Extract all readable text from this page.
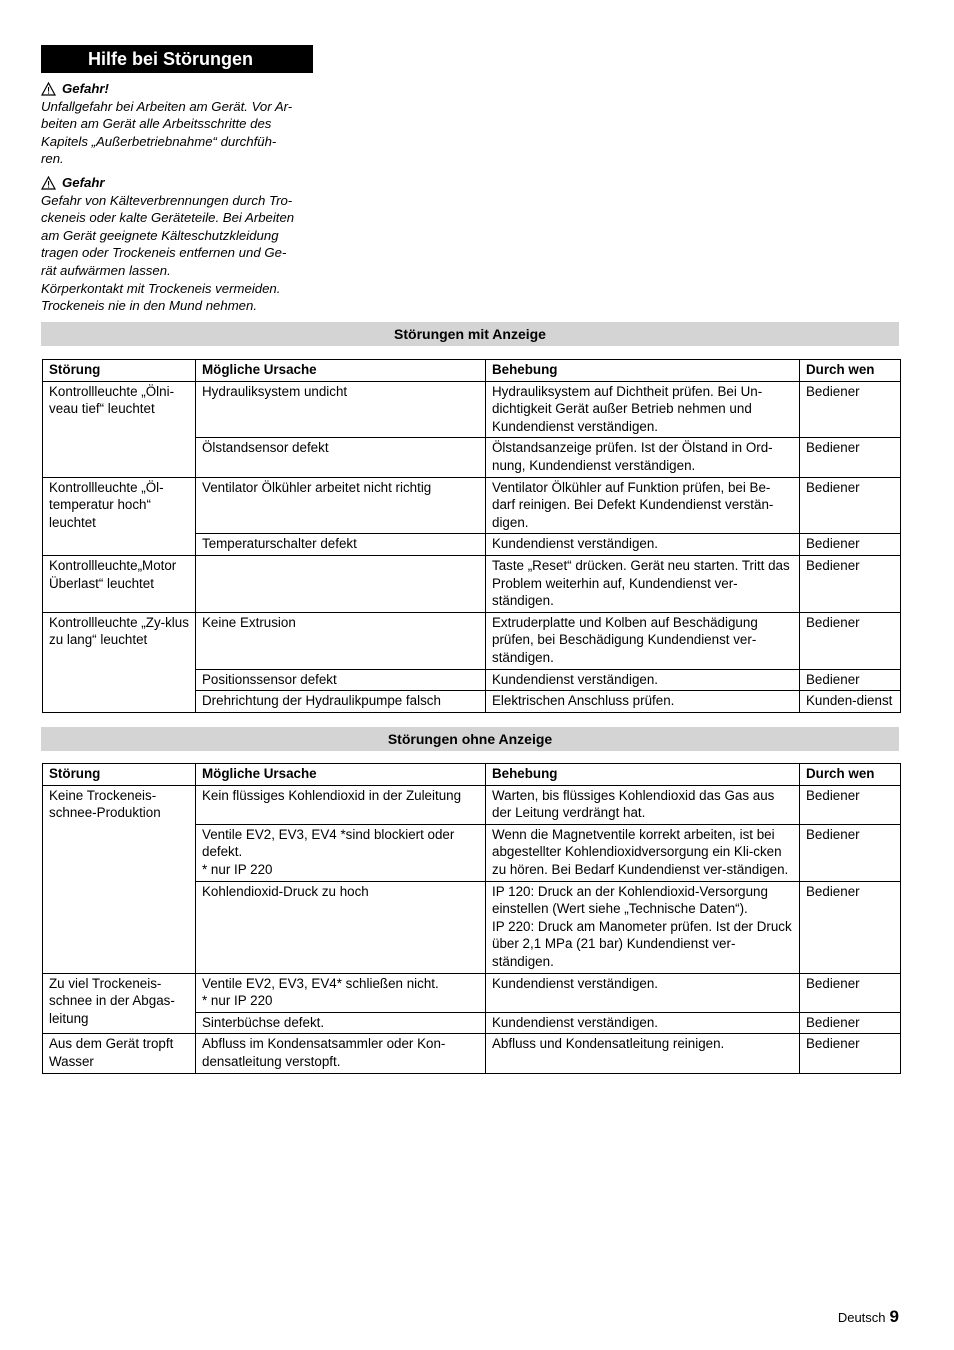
Hilfe bei Störungen
Gefahr!

Unfallgefahr bei Arbeiten am Gerät. Vor Ar-

beiten am Gerät alle Arbeitsschritte des

Kapitels „Außerbetriebnahme“ durchfüh-

ren.

Gefahr

Gefahr von Kälteverbrennungen durch Tro-

ckeneis oder kalte Geräteteile. Bei Arbeiten

am Gerät geeignete Kälteschutzkleidung

tragen oder Trockeneis entfernen und Ge-

rät aufwärmen lassen.

Körperkontakt mit Trockeneis vermeiden.

Trockeneis nie in den Mund nehmen.

Störungen mit Anzeige
Störung	Mögliche Ursache	Behebung	Durch wen
Kontrollleuchte „Ölni-veau tief“ leuchtet	Hydrauliksystem undicht	Hydrauliksystem auf Dichtheit prüfen. Bei Un-dichtigkeit Gerät außer Betrieb nehmen und Kundendienst verständigen.	Bediener
	Ölstandsensor defekt	Ölstandsanzeige prüfen. Ist der Ölstand in Ord-nung, Kundendienst verständigen.	Bediener
Kontrollleuchte „Öl-temperatur hoch“ leuchtet	Ventilator Ölkühler arbeitet nicht richtig	Ventilator Ölkühler auf Funktion prüfen, bei Be-darf reinigen. Bei Defekt Kundendienst verstän-digen.	Bediener
	Temperaturschalter defekt	Kundendienst verständigen.	Bediener
Kontrollleuchte„Motor Überlast“ leuchtet		Taste „Reset“ drücken. Gerät neu starten. Tritt das Problem weiterhin auf, Kundendienst ver-ständigen.	Bediener
Kontrollleuchte „Zy-klus zu lang“ leuchtet	Keine Extrusion	Extruderplatte und Kolben auf Beschädigung prüfen, bei Beschädigung Kundendienst ver-ständigen.	Bediener
	Positionssensor defekt	Kundendienst verständigen.	Bediener
	Drehrichtung der Hydraulikpumpe falsch	Elektrischen Anschluss prüfen.	Kunden-dienst
Störungen ohne Anzeige
Störung	Mögliche Ursache	Behebung	Durch wen
Keine Trockeneis-schnee-Produktion	Kein flüssiges Kohlendioxid in der Zuleitung	Warten, bis flüssiges Kohlendioxid das Gas aus der Leitung verdrängt hat.	Bediener

	Ventile EV2, EV3, EV4 *sind blockiert oder defekt.
* nur IP 220	Wenn die Magnetventile korrekt arbeiten, ist bei abgestellter Kohlendioxidversorgung ein Kli-cken zu hören. Bei Bedarf Kundendienst ver-ständigen.	Bediener
	Kohlendioxid-Druck zu hoch	IP 120: Druck an der Kohlendioxid-Versorgung einstellen (Wert siehe „Technische Daten“).
IP 220: Druck am Manometer prüfen. Ist der Druck über 2,1 MPa (21 bar) Kundendienst ver-ständigen.	Bediener
Zu viel Trockeneis-schnee in der Abgas-leitung	Ventile EV2, EV3, EV4* schließen nicht.
* nur IP 220	Kundendienst verständigen.	Bediener
	Sinterbüchse defekt.	Kundendienst verständigen.	Bediener
Aus dem Gerät tropft Wasser	Abfluss im Kondensatsammler oder Kon-densatleitung verstopft.	Abfluss und Kondensatleitung reinigen.	Bediener
Deutsch 9
